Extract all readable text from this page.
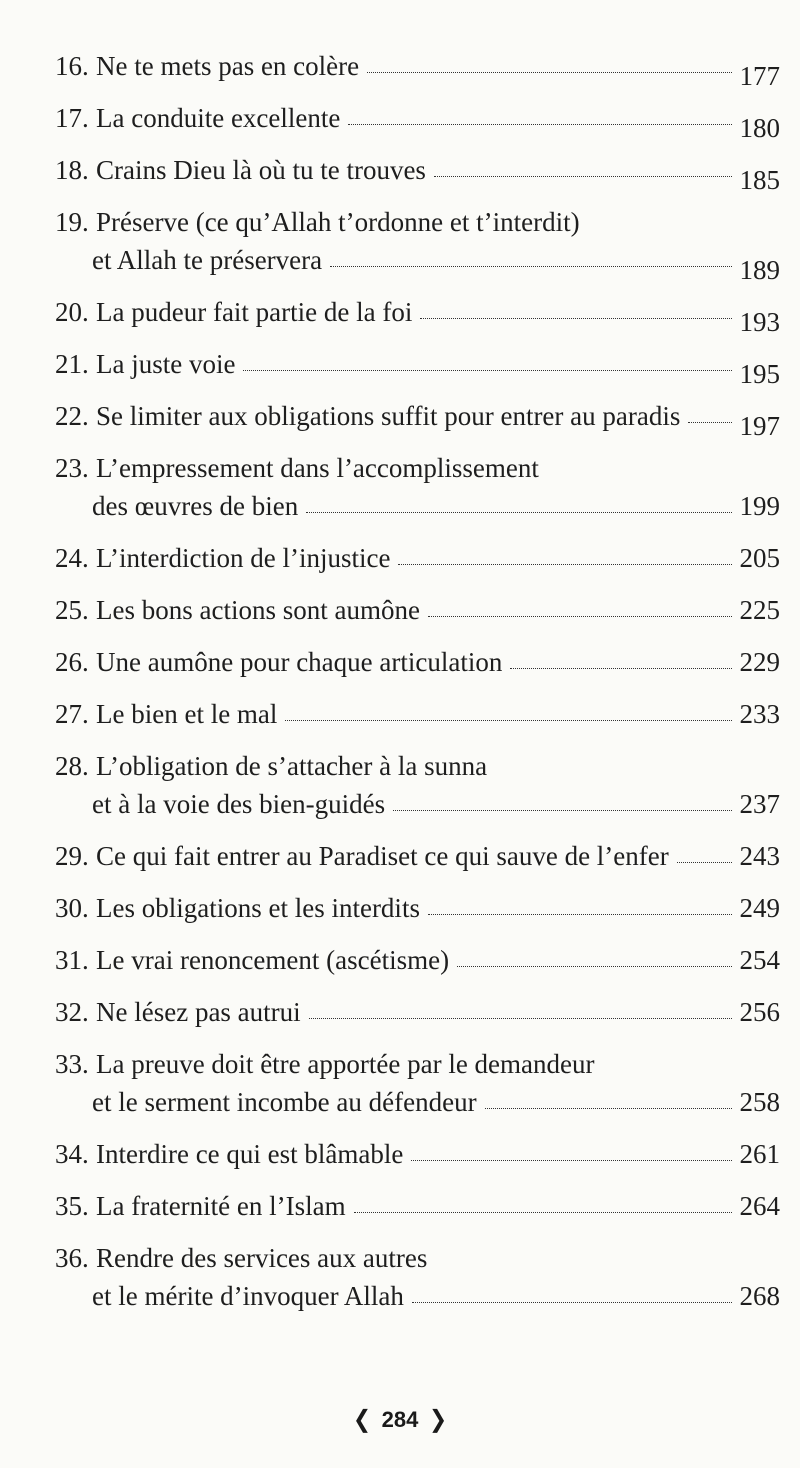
16. Ne te mets pas en colère	177
17. La conduite excellente	180
18. Crains Dieu là où tu te trouves	185
19. Préserve (ce qu’Allah t’ordonne et t’interdit)
et Allah te préservera	189
20. La pudeur fait partie de la foi	193
21. La juste voie	195
22. Se limiter aux obligations suffit pour entrer au paradis 197
23. L’empressement dans l’accomplissement
des œuvres de bien	199
24. L’interdiction de l’injustice	205
25. Les bons actions sont aumône	225
26. Une aumône pour chaque articulation	229
27. Le bien et le mal	233
28. L’obligation de s’attacher à la sunna
et à la voie des bien-guidés	237
29. Ce qui fait entrer au Paradiset ce qui sauve de l’enfer	243
30. Les obligations et les interdits	249
31. Le vrai renoncement (ascétisme)	254
32. Ne lésez pas autrui	256
33. La preuve doit être apportée par le demandeur
et le serment incombe au défendeur	258
34. Interdire ce qui est blâmable	261
35. La fraternité en l’Islam	264
36. Rendre des services aux autres
et le mérite d’invoquer Allah	268
❮ 284 ❯
